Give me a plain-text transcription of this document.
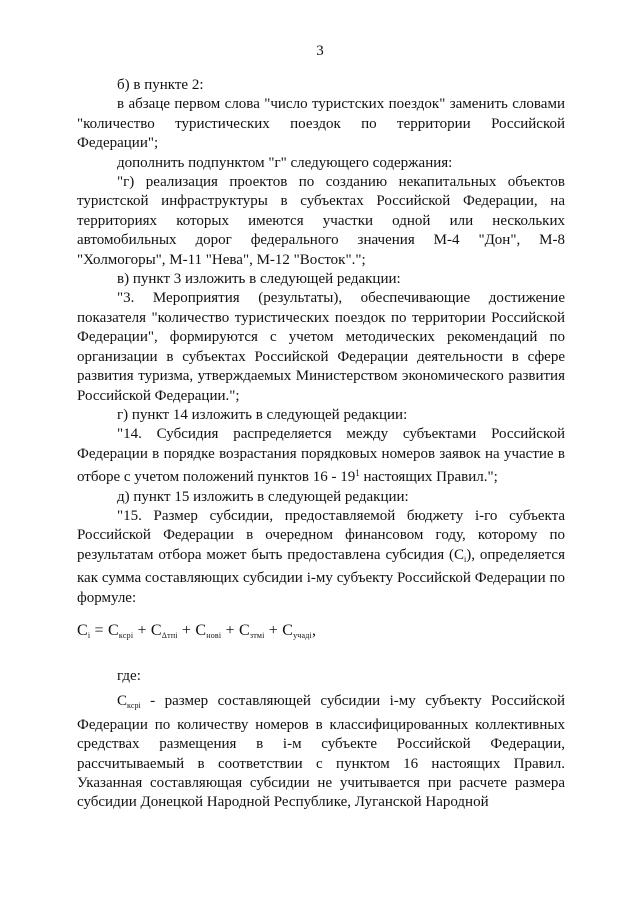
3

б) в пункте 2:

в абзаце первом слова "число туристских поездок" заменить словами "количество туристических поездок по территории Российской Федерации";

дополнить подпунктом "г" следующего содержания:

"г) реализация проектов по созданию некапитальных объектов туристской инфраструктуры в субъектах Российской Федерации, на территориях которых имеются участки одной или нескольких автомобильных дорог федерального значения М-4 "Дон", М-8 "Холмогоры", М-11 "Нева", М-12 "Восток".";

в) пункт 3 изложить в следующей редакции:

"3. Мероприятия (результаты), обеспечивающие достижение показателя "количество туристических поездок по территории Российской Федерации", формируются с учетом методических рекомендаций по организации в субъектах Российской Федерации деятельности в сфере развития туризма, утверждаемых Министерством экономического развития Российской Федерации.";

г) пункт 14 изложить в следующей редакции:

"14. Субсидия распределяется между субъектами Российской Федерации в порядке возрастания порядковых номеров заявок на участие в отборе с учетом положений пунктов $16 - 19^1$ настоящих Правил.";

д) пункт 15 изложить в следующей редакции:

"15. Размер субсидии, предоставляемой бюджету i-го субъекта Российской Федерации в очередном финансовом году, которому по результатам отбора может быть предоставлена субсидия $(С_i)$, определяется как сумма составляющих субсидии i-му субъекту Российской Федерации по формуле:

$С_i = С_{кcрi} + С_{\Delta тпi} + С_{новi} + С_{зтмi} + С_{учадi}$,

где:

$С_{кcрi}$ - размер составляющей субсидии i-му субъекту Российской Федерации по количеству номеров в классифицированных коллективных средствах размещения в i-м субъекте Российской Федерации, рассчитываемый в соответствии с пунктом 16 настоящих Правил. Указанная составляющая субсидии не учитывается при расчете размера субсидии Донецкой Народной Республике, Луганской Народной
